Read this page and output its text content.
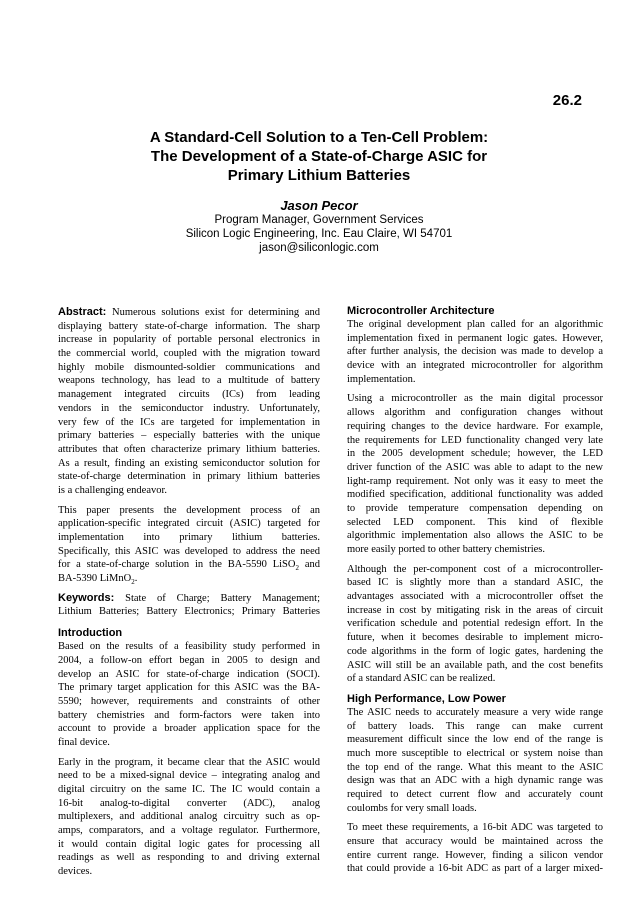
26.2
A Standard-Cell Solution to a Ten-Cell Problem:
The Development of a State-of-Charge ASIC for
Primary Lithium Batteries
Jason Pecor
Program Manager, Government Services
Silicon Logic Engineering, Inc. Eau Claire, WI 54701
jason@siliconlogic.com
Abstract: Numerous solutions exist for determining and
displaying battery state-of-charge information. The sharp
increase in popularity of portable personal electronics in
the commercial world, coupled with the migration toward
highly mobile dismounted-soldier communications and
weapons technology, has lead to a multitude of battery
management integrated circuits (ICs) from leading
vendors in the semiconductor industry. Unfortunately,
very few of the ICs are targeted for implementation in
primary batteries – especially batteries with the unique
attributes that often characterize primary lithium batteries.
As a result, finding an existing semiconductor solution for
state-of-charge determination in primary lithium batteries
is a challenging endeavor.
This paper presents the development process of an
application-specific integrated circuit (ASIC) targeted for
implementation into primary lithium batteries.
Specifically, this ASIC was developed to address the need
for a state-of-charge solution in the BA-5590 LiSO$_2$ and
BA-5390 LiMnO$_2$.
Keywords: State of Charge; Battery Management;
Lithium Batteries; Battery Electronics; Primary Batteries
Introduction
Based on the results of a feasibility study performed in
2004, a follow-on effort began in 2005 to design and
develop an ASIC for state-of-charge indication (SOCI).
The primary target application for this ASIC was the BA-
5590; however, requirements and constraints of other
battery chemistries and form-factors were taken into
account to provide a broader application space for the
final device.
Early in the program, it became clear that the ASIC would
need to be a mixed-signal device – integrating analog and
digital circuitry on the same IC. The IC would contain a
16-bit analog-to-digital converter (ADC), analog
multiplexers, and additional analog circuitry such as op-
amps, comparators, and a voltage regulator. Furthermore,
it would contain digital logic gates for processing all
readings as well as responding to and driving external
devices.
Microcontroller Architecture
The original development plan called for an algorithmic
implementation fixed in permanent logic gates. However,
after further analysis, the decision was made to develop a
device with an integrated microcontroller for algorithm
implementation.
Using a microcontroller as the main digital processor
allows algorithm and configuration changes without
requiring changes to the device hardware. For example,
the requirements for LED functionality changed very late
in the 2005 development schedule; however, the LED
driver function of the ASIC was able to adapt to the new
light-ramp requirement. Not only was it easy to meet the
modified specification, additional functionality was added
to provide temperature compensation depending on
selected LED component. This kind of flexible
algorithmic implementation also allows the ASIC to be
more easily ported to other battery chemistries.
Although the per-component cost of a microcontroller-
based IC is slightly more than a standard ASIC, the
advantages associated with a microcontroller offset the
increase in cost by mitigating risk in the areas of circuit
verification schedule and potential redesign effort. In the
future, when it becomes desirable to implement micro-
code algorithms in the form of logic gates, hardening the
ASIC will still be an available path, and the cost benefits
of a standard ASIC can be realized.
High Performance, Low Power
The ASIC needs to accurately measure a very wide range
of battery loads. This range can make current
measurement difficult since the low end of the range is
much more susceptible to electrical or system noise than
the top end of the range. What this meant to the ASIC
design was that an ADC with a high dynamic range was
required to detect current flow and accurately count
coulombs for very small loads.
To meet these requirements, a 16-bit ADC was targeted to
ensure that accuracy would be maintained across the
entire current range. However, finding a silicon vendor
that could provide a 16-bit ADC as part of a larger mixed-
